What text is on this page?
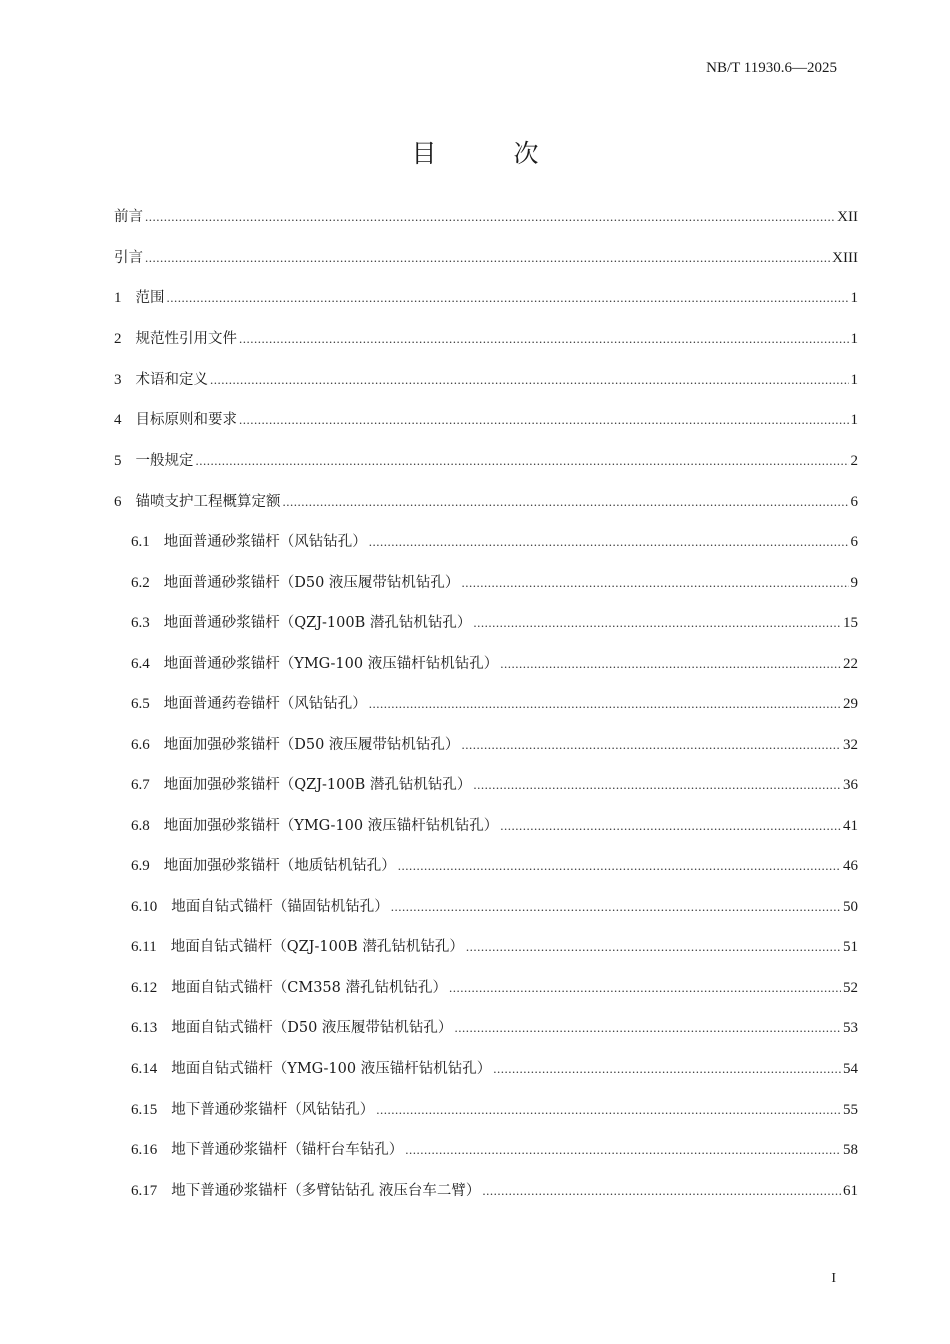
NB/T 11930.6—2025
目　次
前言 .....	XII
引言 .....	XIII
1 范围 .....	1
2 规范性引用文件 .....	1
3 术语和定义 .....	1
4 目标原则和要求 .....	1
5 一般规定 .....	2
6 锚喷支护工程概算定额 .....	6
6.1 地面普通砂浆锚杆（风钻钻孔） .....	6
6.2 地面普通砂浆锚杆（D50 液压履带钻机钻孔） .....	9
6.3 地面普通砂浆锚杆（QZJ-100B 潜孔钻机钻孔） .....	15
6.4 地面普通砂浆锚杆（YMG-100 液压锚杆钻机钻孔） .....	22
6.5 地面普通药卷锚杆（风钻钻孔） .....	29
6.6 地面加强砂浆锚杆（D50 液压履带钻机钻孔） .....	32
6.7 地面加强砂浆锚杆（QZJ-100B 潜孔钻机钻孔） .....	36
6.8 地面加强砂浆锚杆（YMG-100 液压锚杆钻机钻孔） .....	41
6.9 地面加强砂浆锚杆（地质钻机钻孔） .....	46
6.10 地面自钻式锚杆（锚固钻机钻孔） .....	50
6.11 地面自钻式锚杆（QZJ-100B 潜孔钻机钻孔） .....	51
6.12 地面自钻式锚杆（CM358 潜孔钻机钻孔） .....	52
6.13 地面自钻式锚杆（D50 液压履带钻机钻孔） .....	53
6.14 地面自钻式锚杆（YMG-100 液压锚杆钻机钻孔） .....	54
6.15 地下普通砂浆锚杆（风钻钻孔） .....	55
6.16 地下普通砂浆锚杆（锚杆台车钻孔） .....	58
6.17 地下普通砂浆锚杆（多臂钻钻孔 液压台车二臂） .....	61
I
